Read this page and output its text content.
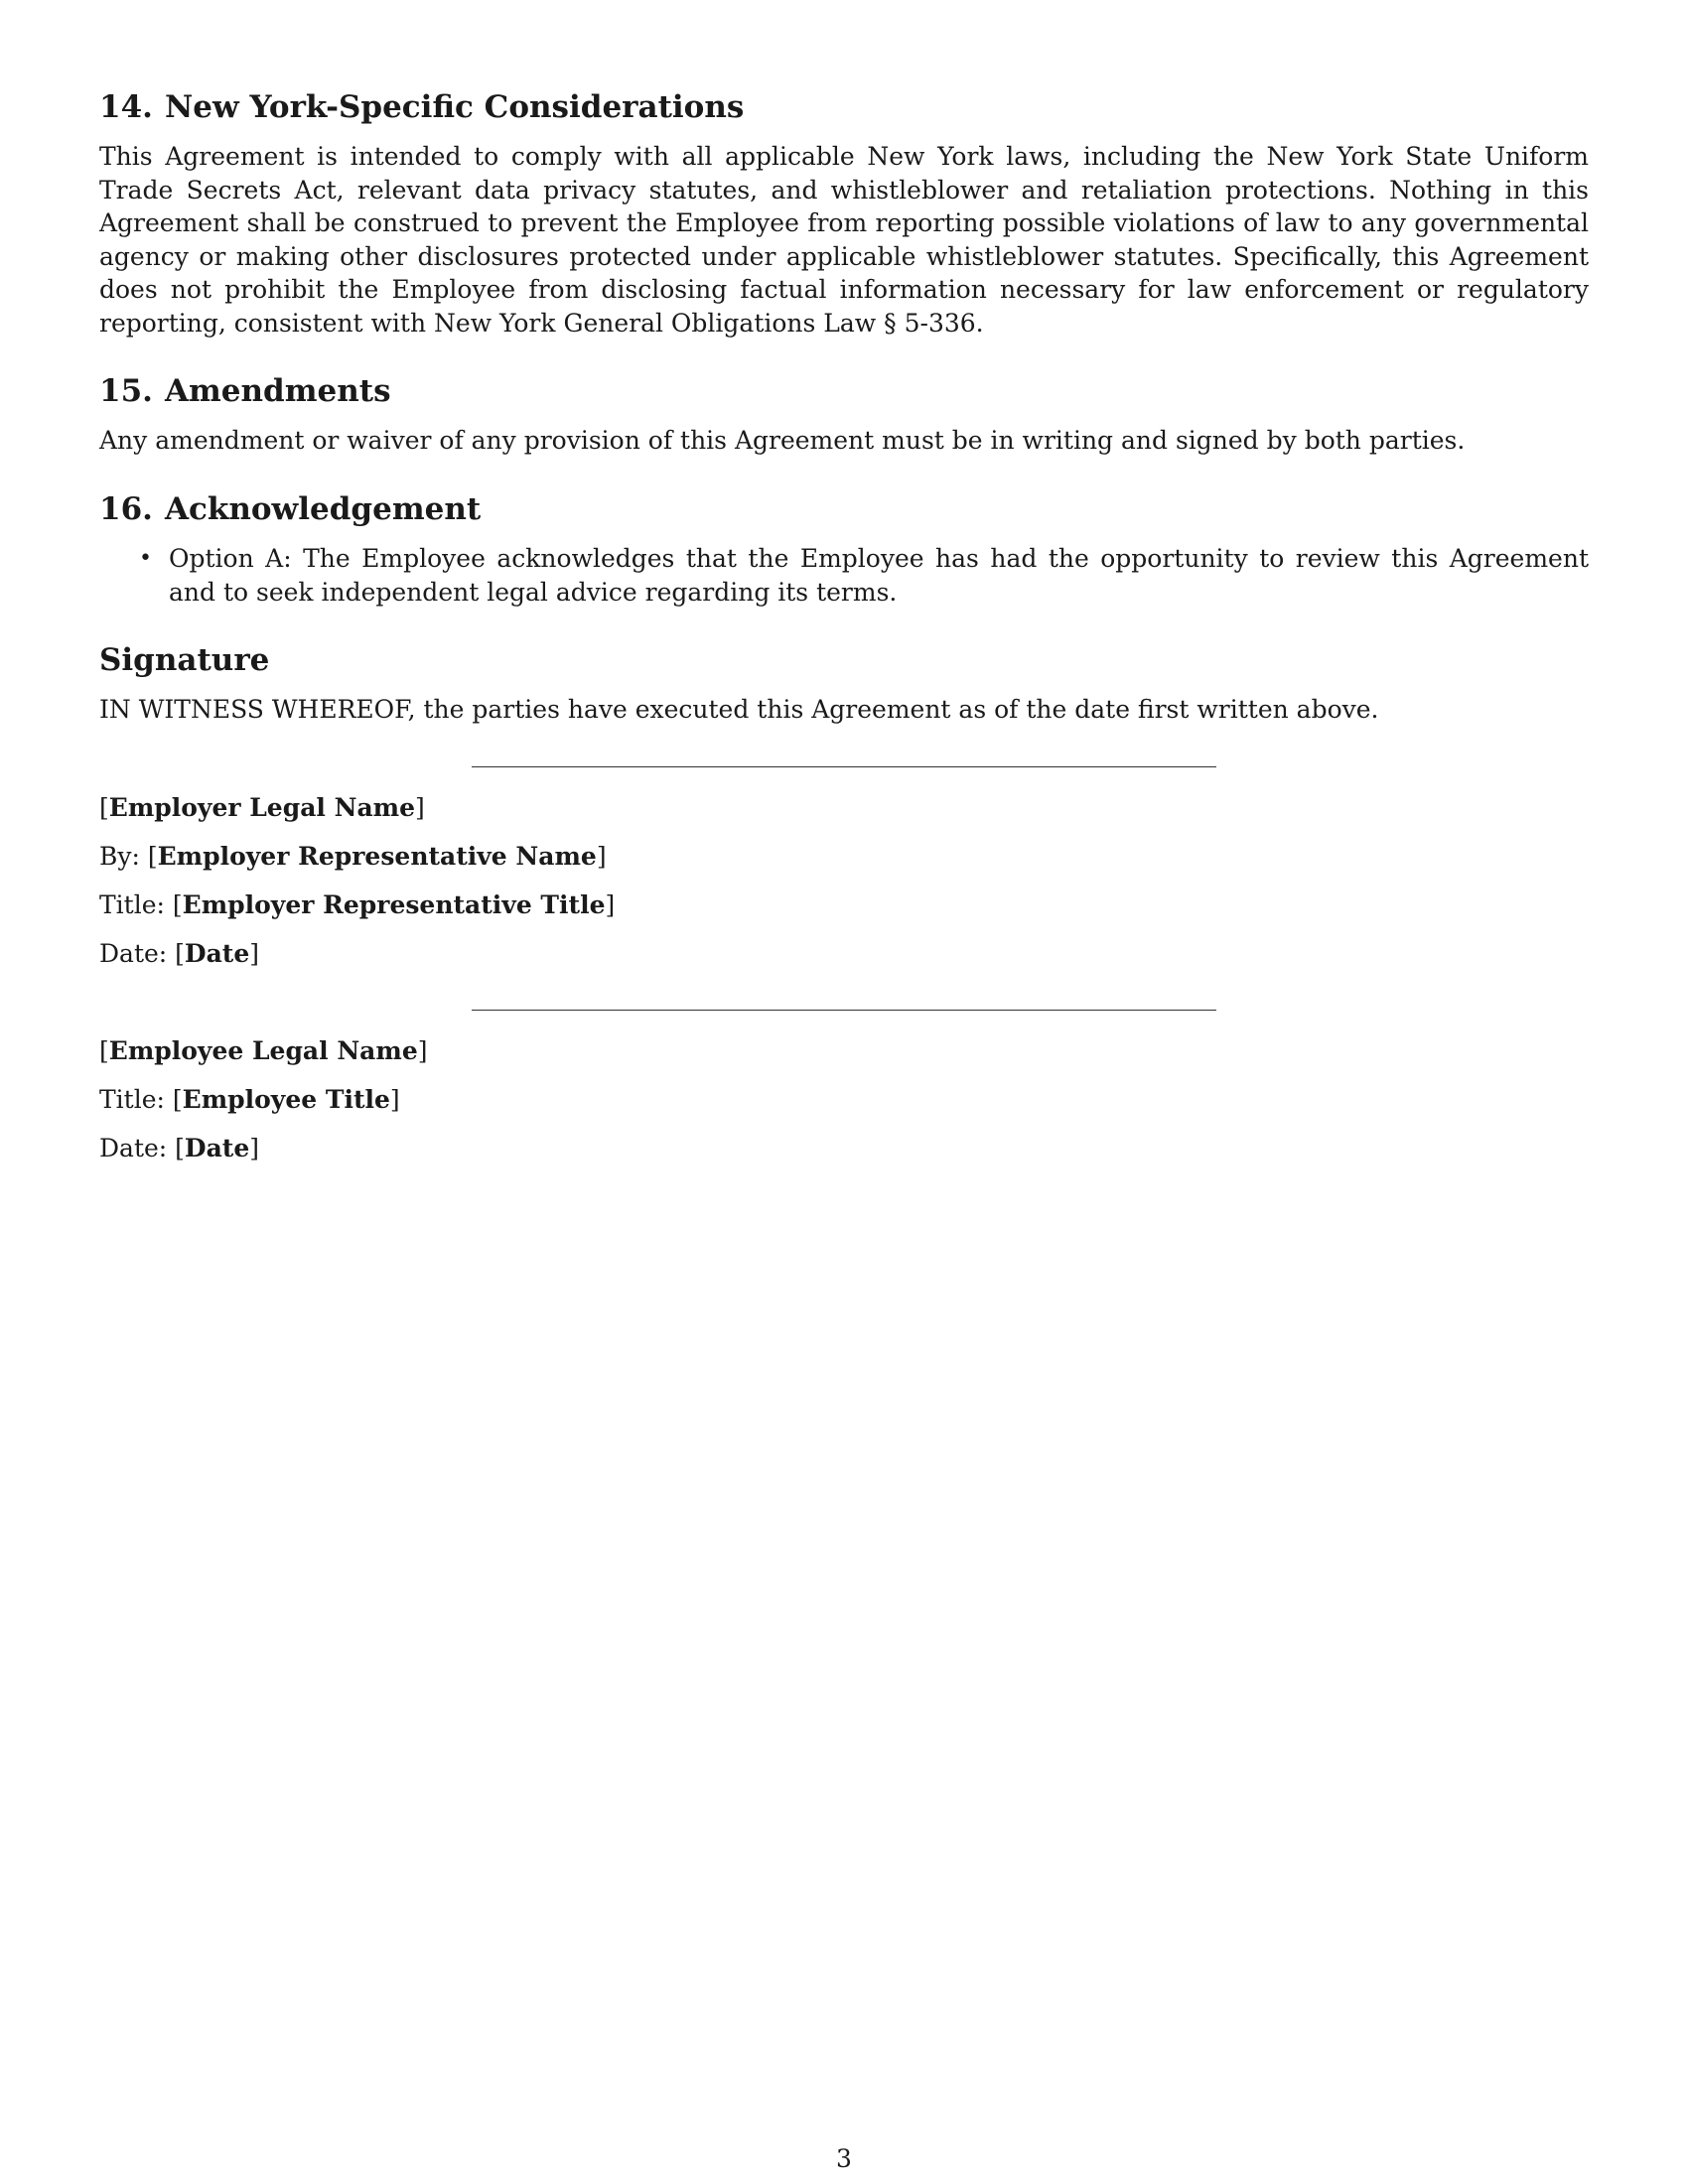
14. New York-Specific Considerations

This Agreement is intended to comply with all applicable New York laws, including the New York State Uniform Trade Secrets Act, relevant data privacy statutes, and whistleblower and retaliation protections. Nothing in this Agreement shall be construed to prevent the Employee from reporting possible violations of law to any governmental agency or making other disclosures protected under applicable whistleblower statutes. Specifically, this Agreement does not prohibit the Employee from disclosing factual information necessary for law enforcement or regulatory reporting, consistent with New York General Obligations Law § 5-336.

15. Amendments

Any amendment or waiver of any provision of this Agreement must be in writing and signed by both parties.

16. Acknowledgement
• Option A: The Employee acknowledges that the Employee has had the opportunity to review this Agreement and to seek independent legal advice regarding its terms.
Signature

IN WITNESS WHEREOF, the parties have executed this Agreement as of the date first written above.

[Employer Legal Name]
By: [Employer Representative Name]
Title: [Employer Representative Title]
Date: [Date]
[Employee Legal Name]
Title: [Employee Title]
Date: [Date]
3
